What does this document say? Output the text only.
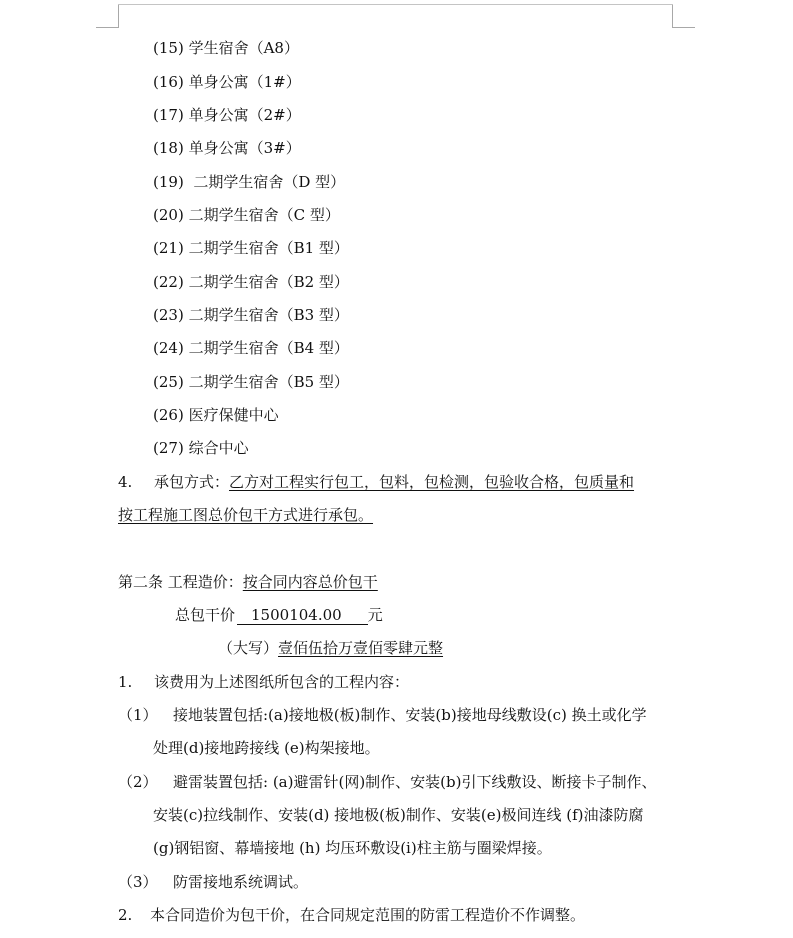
(15) 学生宿舍（A8）
(16) 单身公寓（1#）
(17) 单身公寓（2#）
(18) 单身公寓（3#）
(19)  二期学生宿舍（D 型）
(20) 二期学生宿舍（C 型）
(21) 二期学生宿舍（B1 型）
(22) 二期学生宿舍（B2 型）
(23) 二期学生宿舍（B3 型）
(24) 二期学生宿舍（B4 型）
(25) 二期学生宿舍（B5 型）
(26) 医疗保健中心
(27) 综合中心
4. 承包方式：乙方对工程实行包工，包料，包检测，包验收合格，包质量和
按工程施工图总价包干方式进行承包。
第二条 工程造价：按合同内容总价包干
总包干价 1500104.00 元
（大写）壹佰伍拾万壹佰零肆元整
1. 该费用为上述图纸所包含的工程内容：
（1） 接地装置包括:(a)接地极(板)制作、安装(b)接地母线敷设(c) 换土或化学
处理(d)接地跨接线 (e)构架接地。
（2） 避雷装置包括: (a)避雷针(网)制作、安装(b)引下线敷设、断接卡子制作、
安装(c)拉线制作、安装(d) 接地极(板)制作、安装(e)极间连线 (f)油漆防腐
(g)钢铝窗、幕墙接地 (h) 均压环敷设(i)柱主筋与圈梁焊接。
（3） 防雷接地系统调试。
2. 本合同造价为包干价，在合同规定范围的防雷工程造价不作调整。
